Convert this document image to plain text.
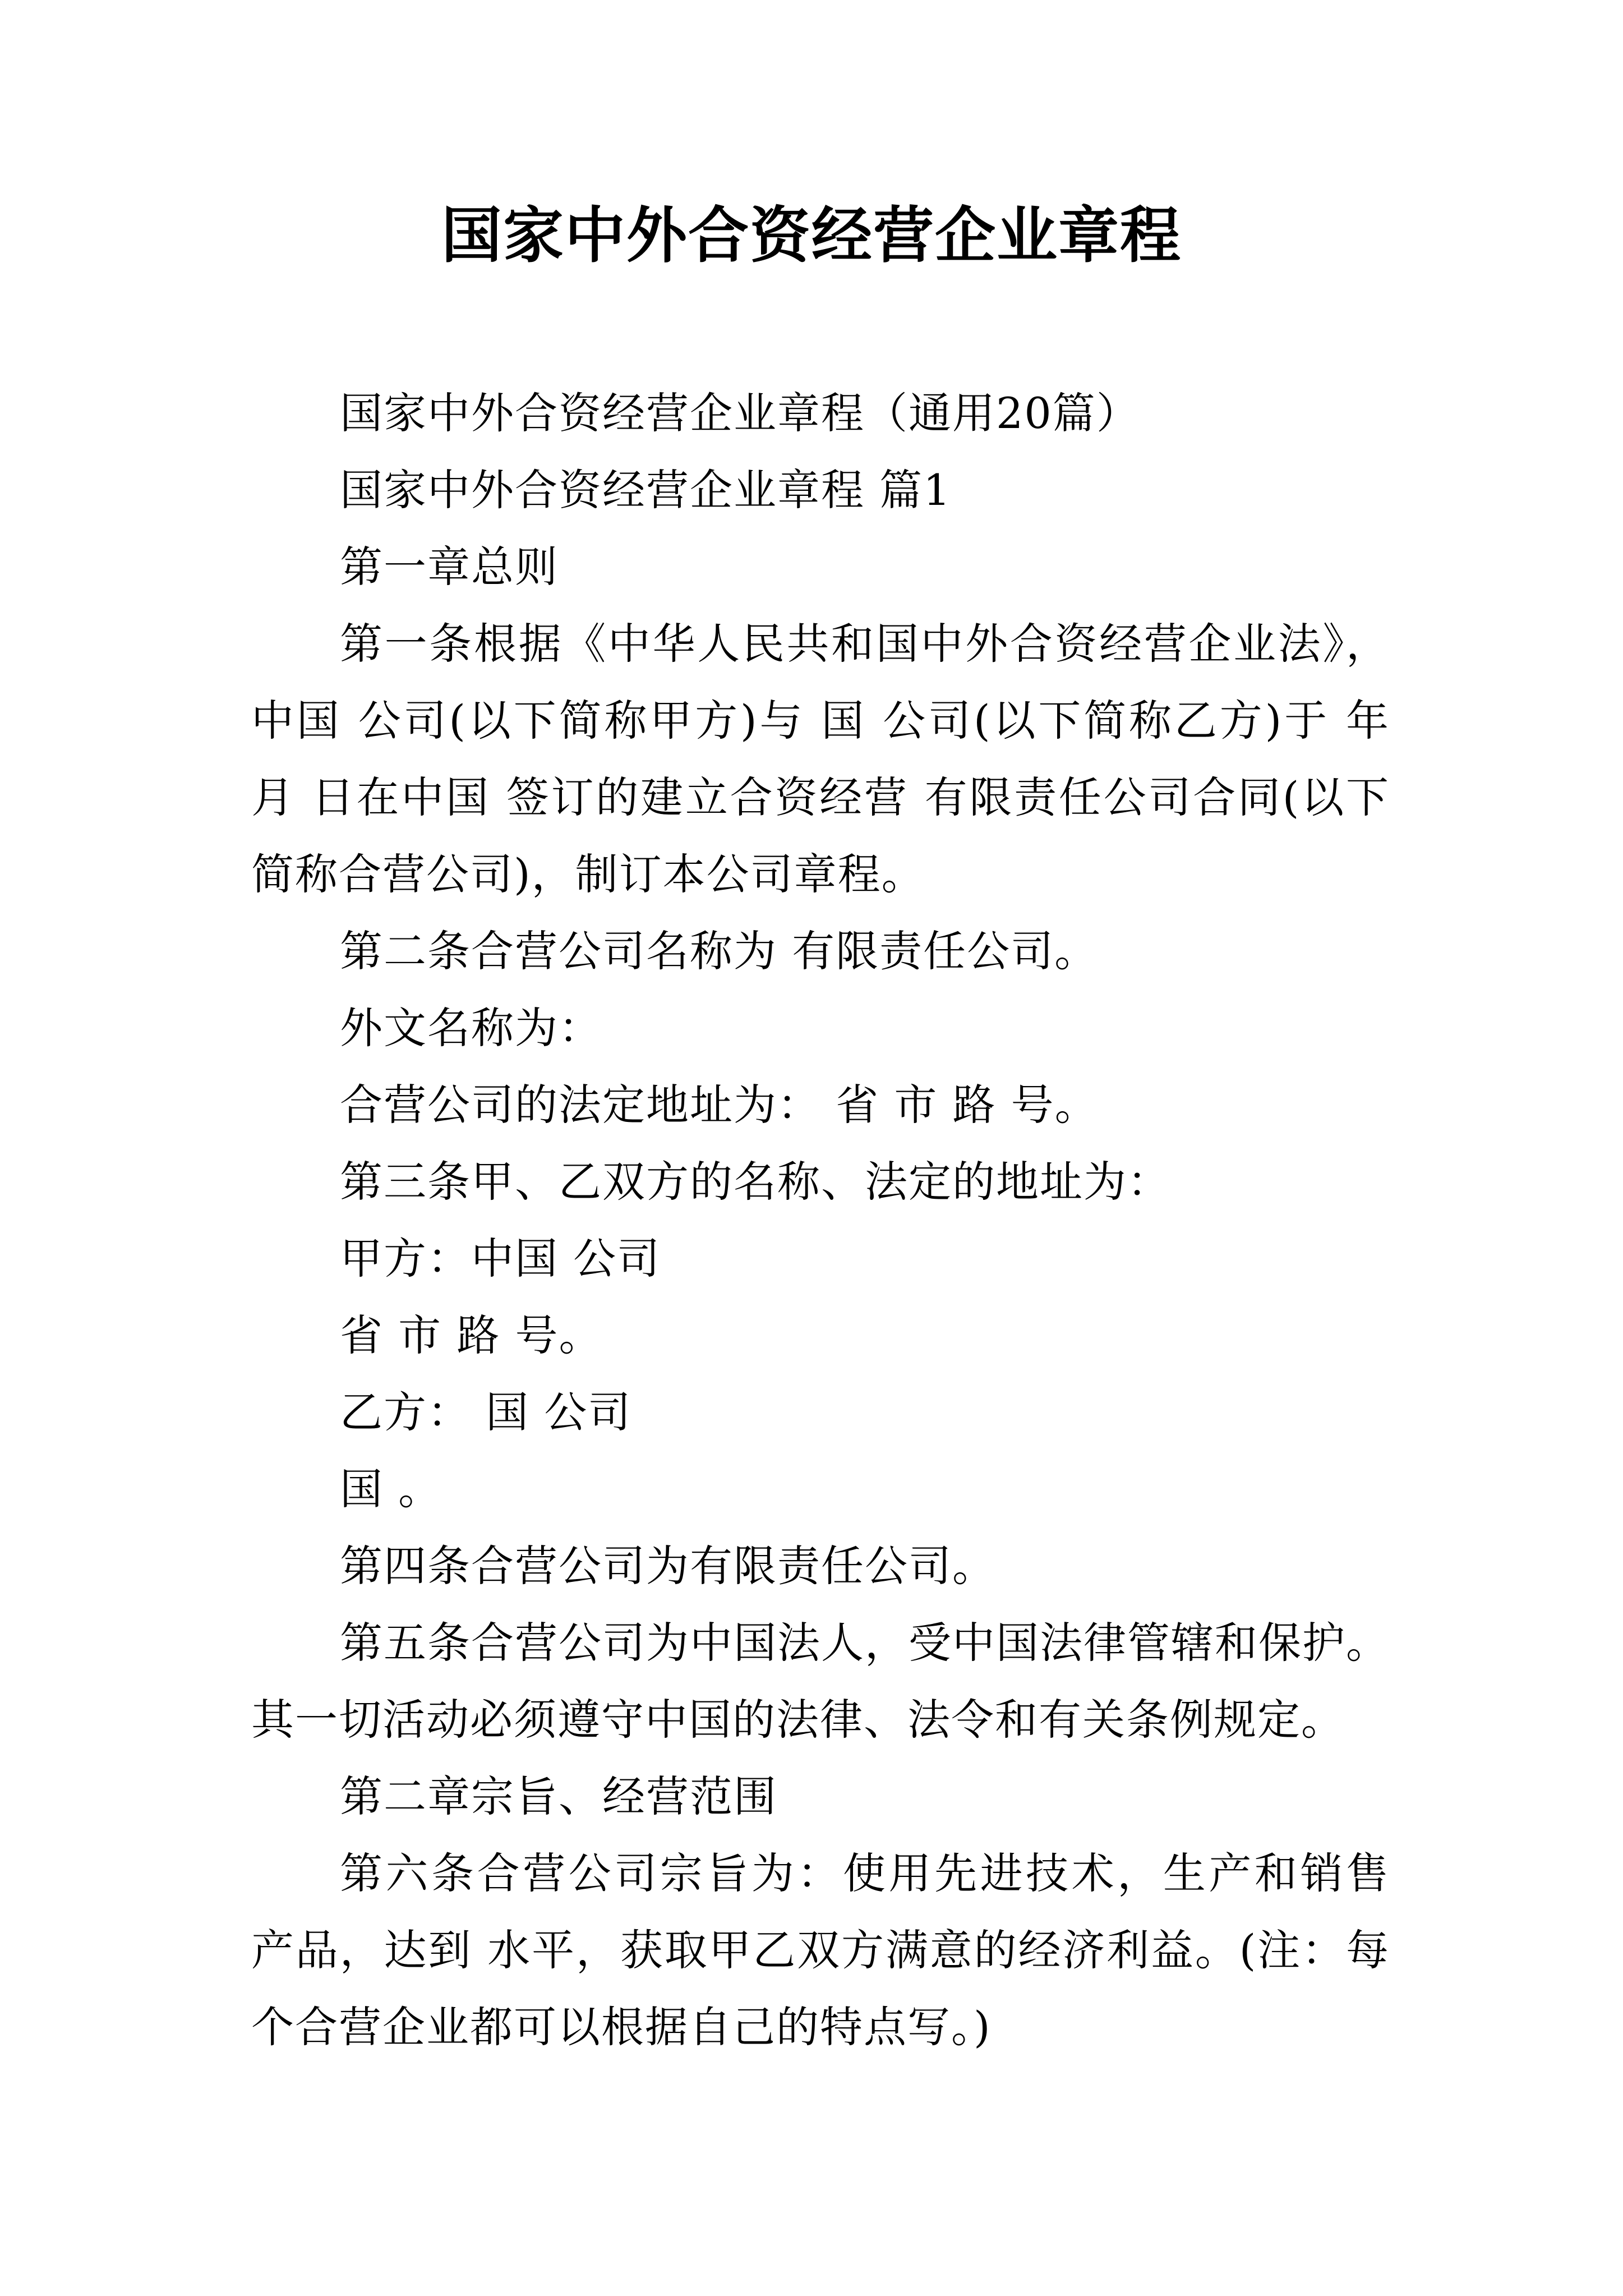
国家中外合资经营企业章程

国家中外合资经营企业章程（通用20篇）

国家中外合资经营企业章程 篇1

第一章总则

第一条根据《中华人民共和国中外合资经营企业法》，中国 公司(以下简称甲方)与 国 公司(以下简称乙方)于 年 月 日在中国 签订的建立合资经营 有限责任公司合同(以下简称合营公司)，制订本公司章程。

第二条合营公司名称为 有限责任公司。

外文名称为：

合营公司的法定地址为： 省 市 路 号。

第三条甲、乙双方的名称、法定的地址为：

甲方：中国 公司

省 市 路 号。

乙方： 国 公司

国 。

第四条合营公司为有限责任公司。

第五条合营公司为中国法人，受中国法律管辖和保护。其一切活动必须遵守中国的法律、法令和有关条例规定。

第二章宗旨、经营范围

第六条合营公司宗旨为：使用先进技术，生产和销售 产品，达到 水平，获取甲乙双方满意的经济利益。(注：每个合营企业都可以根据自己的特点写。)
